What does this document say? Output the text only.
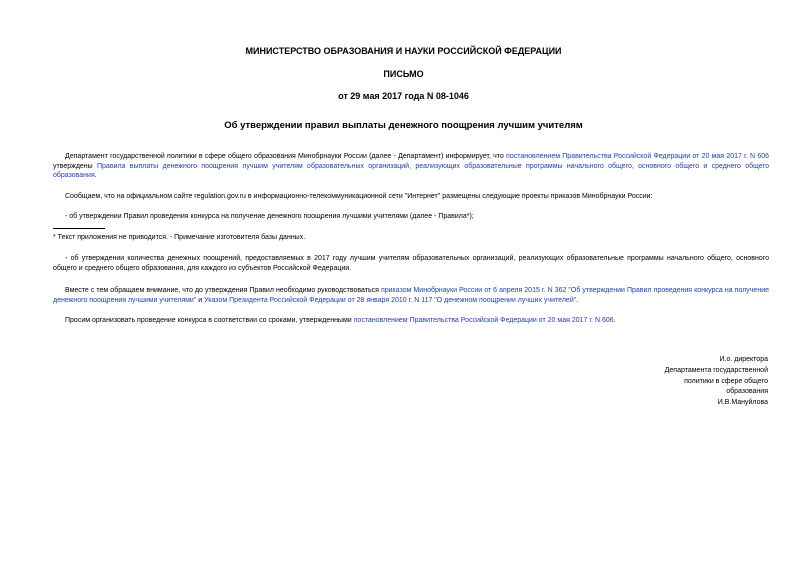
МИНИСТЕРСТВО ОБРАЗОВАНИЯ И НАУКИ РОССИЙСКОЙ ФЕДЕРАЦИИ
ПИСЬМО
от 29 мая 2017 года N 08-1046
Об утверждении правил выплаты денежного поощрения лучшим учителям
Департамент государственной политики в сфере общего образования Минобрнауки России (далее - Департамент) информирует, что постановлением Правительства Российской Федерации от 20 мая 2017 г. N 606 утверждены Правила выплаты денежного поощрения лучшим учителям образовательных организаций, реализующих образовательные программы начального общего, основного общего и среднего общего образования.
Сообщаем, что на официальном сайте regulation.gov.ru в информационно-телекоммуникационной сети "Интернет" размещены следующие проекты приказов Минобрнауки России:
- об утверждении Правил проведения конкурса на получение денежного поощрения лучшими учителями (далее - Правила*);
* Текст приложения не приводится. - Примечание изготовителя базы данных.
- об утверждении количества денежных поощрений, предоставляемых в 2017 году лучшим учителям образовательных организаций, реализующих образовательные программы начального общего, основного общего и среднего общего образования, для каждого из субъектов Российской Федерации.
Вместе с тем обращаем внимание, что до утверждения Правил необходимо руководствоваться приказом Минобрнауки России от 6 апреля 2015 г. N 362 "Об утверждении Правил проведения конкурса на получение денежного поощрения лучшими учителями" и Указом Президента Российской Федерации от 28 января 2010 г. N 117 "О денежном поощрении лучших учителей".
Просим организовать проведение конкурса в соответствии со сроками, утвержденными постановлением Правительства Российской Федерации от 20 мая 2017 г. N 606.
И.о. директора
Департамента государственной
политики в сфере общего
образования
И.В.Мануйлова
